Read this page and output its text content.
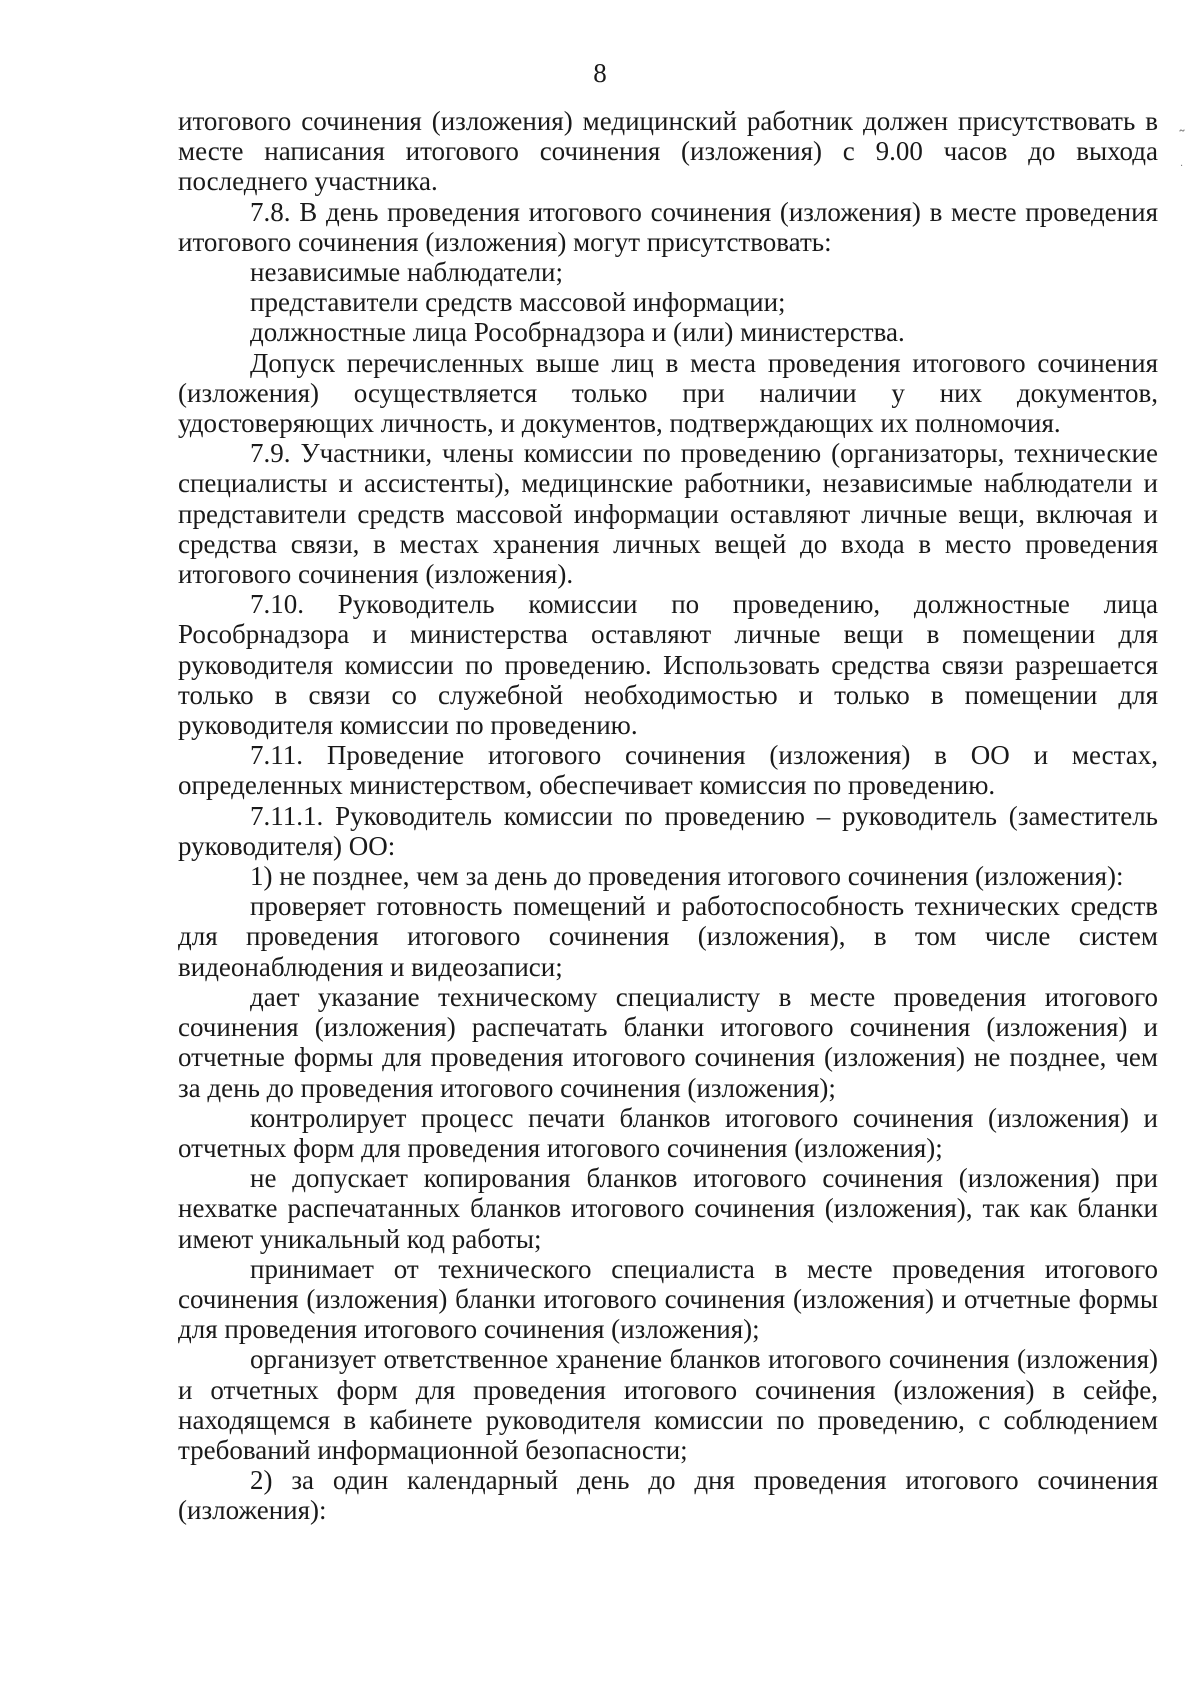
8

итогового сочинения (изложения) медицинский работник должен присутствовать в месте написания итогового сочинения (изложения) с 9.00 часов до выхода последнего участника.

7.8. В день проведения итогового сочинения (изложения) в месте проведения итогового сочинения (изложения) могут присутствовать:

независимые наблюдатели;

представители средств массовой информации;

должностные лица Рособрнадзора и (или) министерства.

Допуск перечисленных выше лиц в места проведения итогового сочинения (изложения) осуществляется только при наличии у них документов, удостоверяющих личность, и документов, подтверждающих их полномочия.

7.9. Участники, члены комиссии по проведению (организаторы, технические специалисты и ассистенты), медицинские работники, независимые наблюдатели и представители средств массовой информации оставляют личные вещи, включая и средства связи, в местах хранения личных вещей до входа в место проведения итогового сочинения (изложения).

7.10. Руководитель комиссии по проведению, должностные лица Рособрнадзора и министерства оставляют личные вещи в помещении для руководителя комиссии по проведению. Использовать средства связи разрешается только в связи со служебной необходимостью и только в помещении для руководителя комиссии по проведению.

7.11. Проведение итогового сочинения (изложения) в ОО и местах, определенных министерством, обеспечивает комиссия по проведению.

7.11.1. Руководитель комиссии по проведению – руководитель (заместитель руководителя) ОО:

1) не позднее, чем за день до проведения итогового сочинения (изложения):

проверяет готовность помещений и работоспособность технических средств для проведения итогового сочинения (изложения), в том числе систем видеонаблюдения и видеозаписи;

дает указание техническому специалисту в месте проведения итогового сочинения (изложения) распечатать бланки итогового сочинения (изложения) и отчетные формы для проведения итогового сочинения (изложения) не позднее, чем за день до проведения итогового сочинения (изложения);

контролирует процесс печати бланков итогового сочинения (изложения) и отчетных форм для проведения итогового сочинения (изложения);

не допускает копирования бланков итогового сочинения (изложения) при нехватке распечатанных бланков итогового сочинения (изложения), так как бланки имеют уникальный код работы;

принимает от технического специалиста в месте проведения итогового сочинения (изложения) бланки итогового сочинения (изложения) и отчетные формы для проведения итогового сочинения (изложения);

организует ответственное хранение бланков итогового сочинения (изложения) и отчетных форм для проведения итогового сочинения (изложения) в сейфе, находящемся в кабинете руководителя комиссии по проведению, с соблюдением требований информационной безопасности;

2) за один календарный день до дня проведения итогового сочинения (изложения):

˜
·
